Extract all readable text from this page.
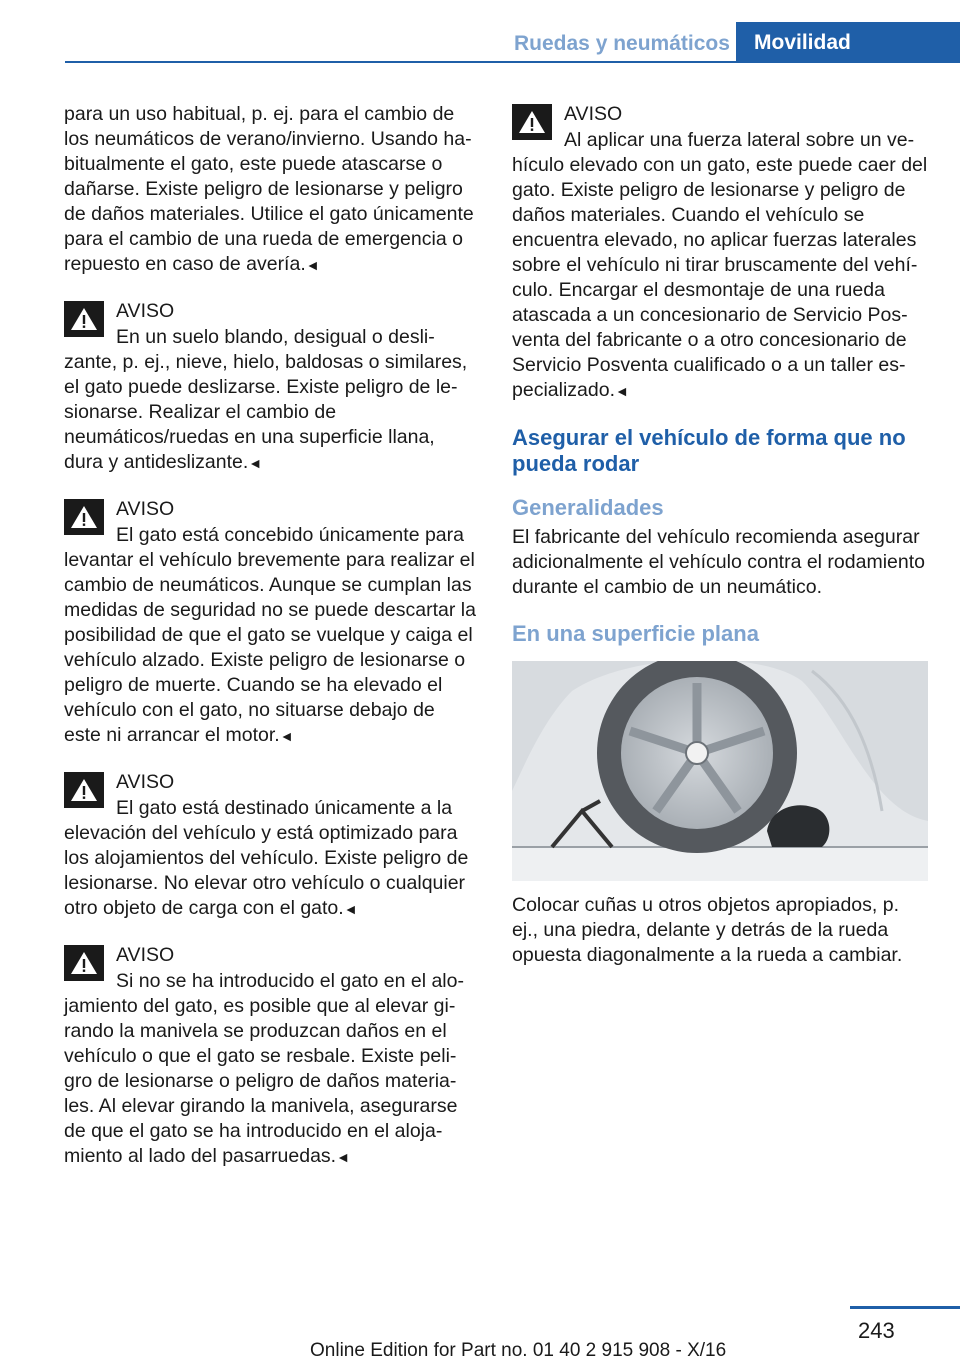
Ruedas y neumáticos Movilidad

para un uso habitual, p. ej. para el cambio de los neumáticos de verano/invierno. Usando habitualmente el gato, este puede atascarse o dañarse. Existe peligro de lesionarse y peligro de daños materiales. Utilice el gato únicamente para el cambio de una rueda de emergencia o repuesto en caso de avería.◄

AVISO
En un suelo blando, desigual o deslizante, p. ej., nieve, hielo, baldosas o similares, el gato puede deslizarse. Existe peligro de lesionarse. Realizar el cambio de neumáticos/ruedas en una superficie llana, dura y antideslizante.◄
AVISO
El gato está concebido únicamente para levantar el vehículo brevemente para realizar el cambio de neumáticos. Aunque se cumplan las medidas de seguridad no se puede descartar la posibilidad de que el gato se vuelque y caiga el vehículo alzado. Existe peligro de lesionarse o peligro de muerte. Cuando se ha elevado el vehículo con el gato, no situarse debajo de este ni arrancar el motor.◄
AVISO
El gato está destinado únicamente a la elevación del vehículo y está optimizado para los alojamientos del vehículo. Existe peligro de lesionarse. No elevar otro vehículo o cualquier otro objeto de carga con el gato.◄
AVISO
Si no se ha introducido el gato en el alojamiento del gato, es posible que al elevar girando la manivela se produzcan daños en el vehículo o que el gato se resbale. Existe peligro de lesionarse o peligro de daños materiales. Al elevar girando la manivela, asegurarse de que el gato se ha introducido en el alojamiento al lado del pasarruedas.◄
AVISO
Al aplicar una fuerza lateral sobre un vehículo elevado con un gato, este puede caer del gato. Existe peligro de lesionarse y peligro de daños materiales. Cuando el vehículo se encuentra elevado, no aplicar fuerzas laterales sobre el vehículo ni tirar bruscamente del vehículo. Encargar el desmontaje de una rueda atascada a un concesionario de Servicio Posventa del fabricante o a otro concesionario de Servicio Posventa cualificado o a un taller especializado.◄
Asegurar el vehículo de forma que no pueda rodar
Generalidades

El fabricante del vehículo recomienda asegurar adicionalmente el vehículo contra el rodamiento durante el cambio de un neumático.

En una superficie plana

Colocar cuñas u otros objetos apropiados, p. ej., una piedra, delante y detrás de la rueda opuesta diagonalmente a la rueda a cambiar.

243
Online Edition for Part no. 01 40 2 915 908 - X/16
